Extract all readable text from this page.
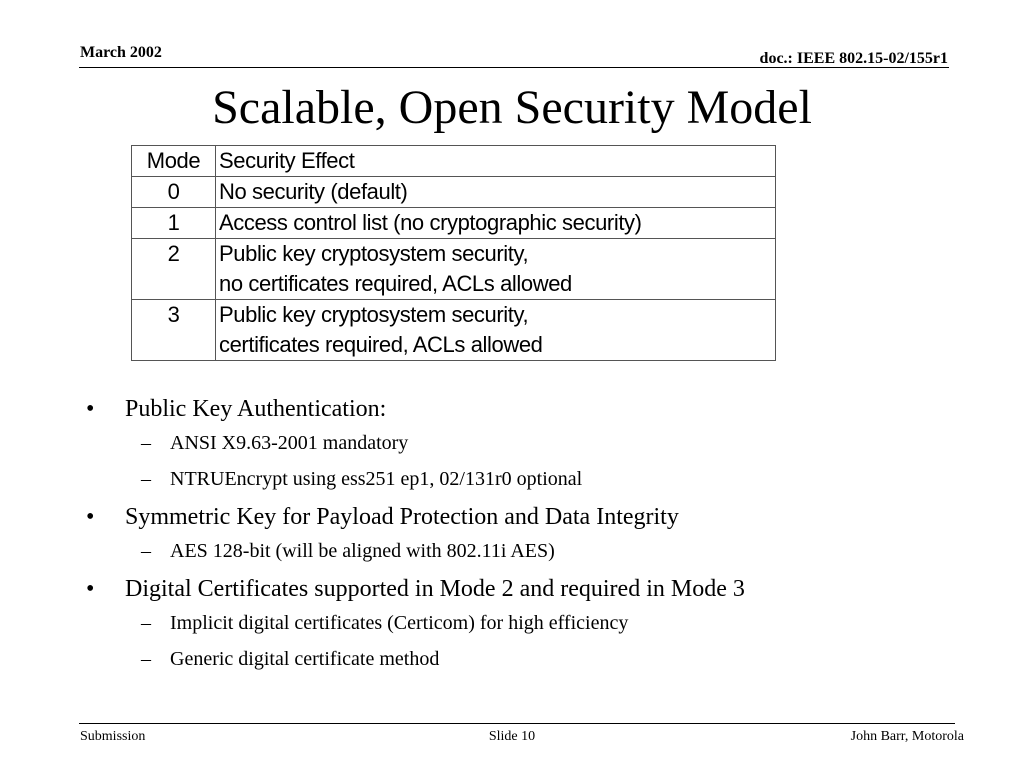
March 2002	doc.: IEEE 802.15-02/155r1
Scalable, Open Security Model
Mode	Security Effect
0	No security (default)

1	Access control list (no cryptographic security)

2	Public key cryptosystem security,
no certificates required, ACLs allowed

3	Public key cryptosystem security,
certificates required, ACLs allowed
• Public Key Authentication:
– ANSI X9.63-2001 mandatory
– NTRUEncrypt using ess251 ep1, 02/131r0 optional
• Symmetric Key for Payload Protection and Data Integrity
– AES 128-bit (will be aligned with 802.11i AES)
• Digital Certificates supported in Mode 2 and required in Mode 3
– Implicit digital certificates (Certicom) for high efficiency
– Generic digital certificate method
Submission	Slide 10	John Barr, Motorola
